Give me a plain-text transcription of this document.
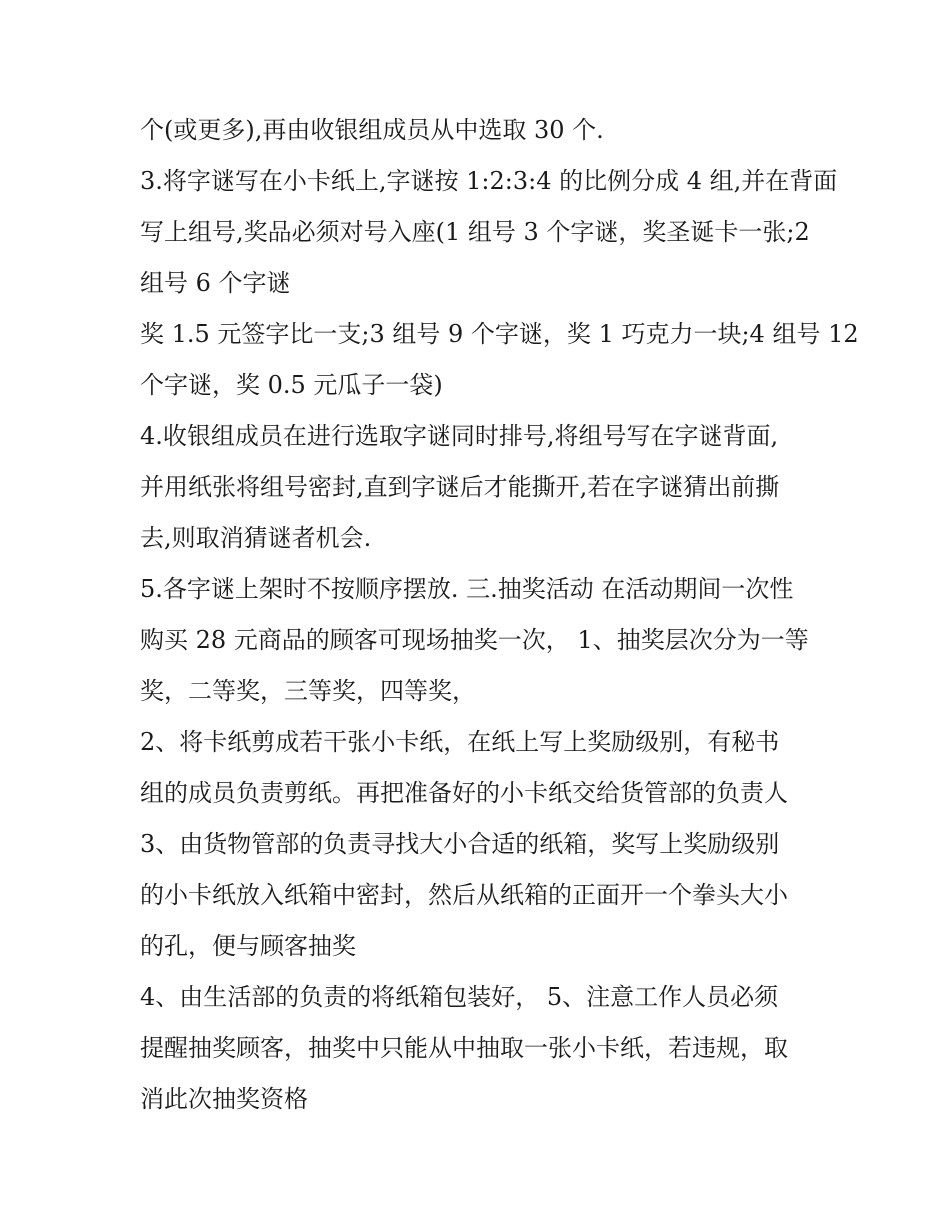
个(或更多),再由收银组成员从中选取 30 个.
3.将字谜写在小卡纸上,字谜按 1:2:3:4 的比例分成 4 组,并在背面
写上组号,奖品必须对号入座(1 组号 3 个字谜，奖圣诞卡一张;2
组号 6 个字谜
奖 1.5 元签字比一支;3 组号 9 个字谜，奖 1 巧克力一块;4 组号 12
个字谜，奖 0.5 元瓜子一袋)
4.收银组成员在进行选取字谜同时排号,将组号写在字谜背面,
并用纸张将组号密封,直到字谜后才能撕开,若在字谜猜出前撕
去,则取消猜谜者机会.
5.各字谜上架时不按顺序摆放. 三.抽奖活动 在活动期间一次性
购买 28 元商品的顾客可现场抽奖一次， 1、抽奖层次分为一等
奖，二等奖，三等奖，四等奖，
2、将卡纸剪成若干张小卡纸，在纸上写上奖励级别，有秘书
组的成员负责剪纸。再把准备好的小卡纸交给货管部的负责人
3、由货物管部的负责寻找大小合适的纸箱，奖写上奖励级别
的小卡纸放入纸箱中密封，然后从纸箱的正面开一个拳头大小
的孔，便与顾客抽奖
4、由生活部的负责的将纸箱包装好， 5、注意工作人员必须
提醒抽奖顾客，抽奖中只能从中抽取一张小卡纸，若违规，取
消此次抽奖资格
